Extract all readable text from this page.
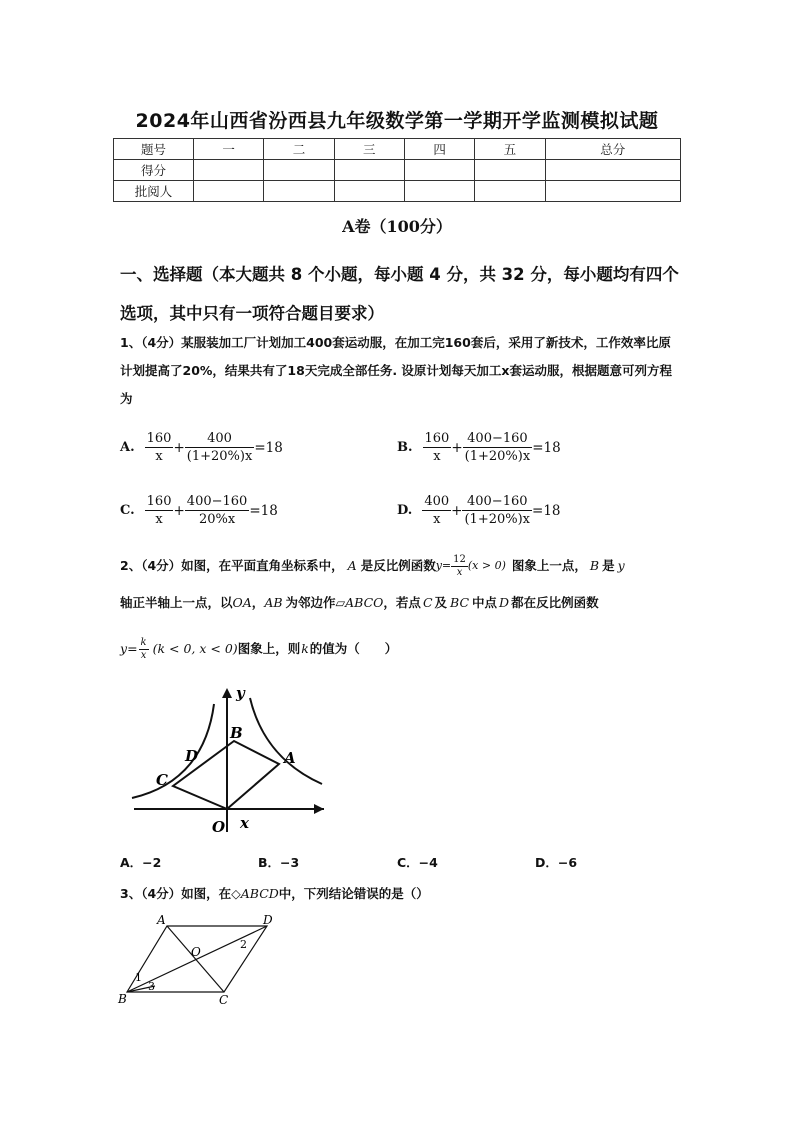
2024年山西省汾西县九年级数学第一学期开学监测模拟试题
题号	一	二	三	四	五	总分
得分						
批阅人						
A卷（100分）
一、选择题（本大题共 8 个小题，每小题 4 分，共 32 分，每小题均有四个选项，其中只有一项符合题目要求）
1、（4分）某服装加工厂计划加工400套运动服，在加工完160套后，采用了新技术，工作效率比原计划提高了20%，结果共有了18天完成全部任务. 设原计划每天加工x套运动服，根据题意可列方程为
A. $\frac{160}{x} + \frac{400}{(1+20\%)x} =18$	B. $\frac{160}{x} + \frac{400-160}{(1+20\%)x} =18$
C. $\frac{160}{x} + \frac{400-160}{20\%x} =18$	D. $\frac{400}{x} + \frac{400-160}{(1+20\%)x} =18$
2、（4分）如图，在平面直角坐标系中， A 是反比例函数 $y = \frac{12}{x} (x > 0)$ 图象上一点， B 是 y
轴正半轴上一点，以 OA ， AB 为邻边作▱ ABCO ，若点 C 及 BC 中点 D 都在反比例函数
$y = \frac{k}{x} (k < 0$, x < 0) 图象上，则 k 的值为（　　）
x
y
O
A
B
C
D
A．−2	B．−3	C．−4	D．−6
3、（4分）如图，在◇ ABCD 中，下列结论错误的是（）
A	D
B	C
O
1
2
3
